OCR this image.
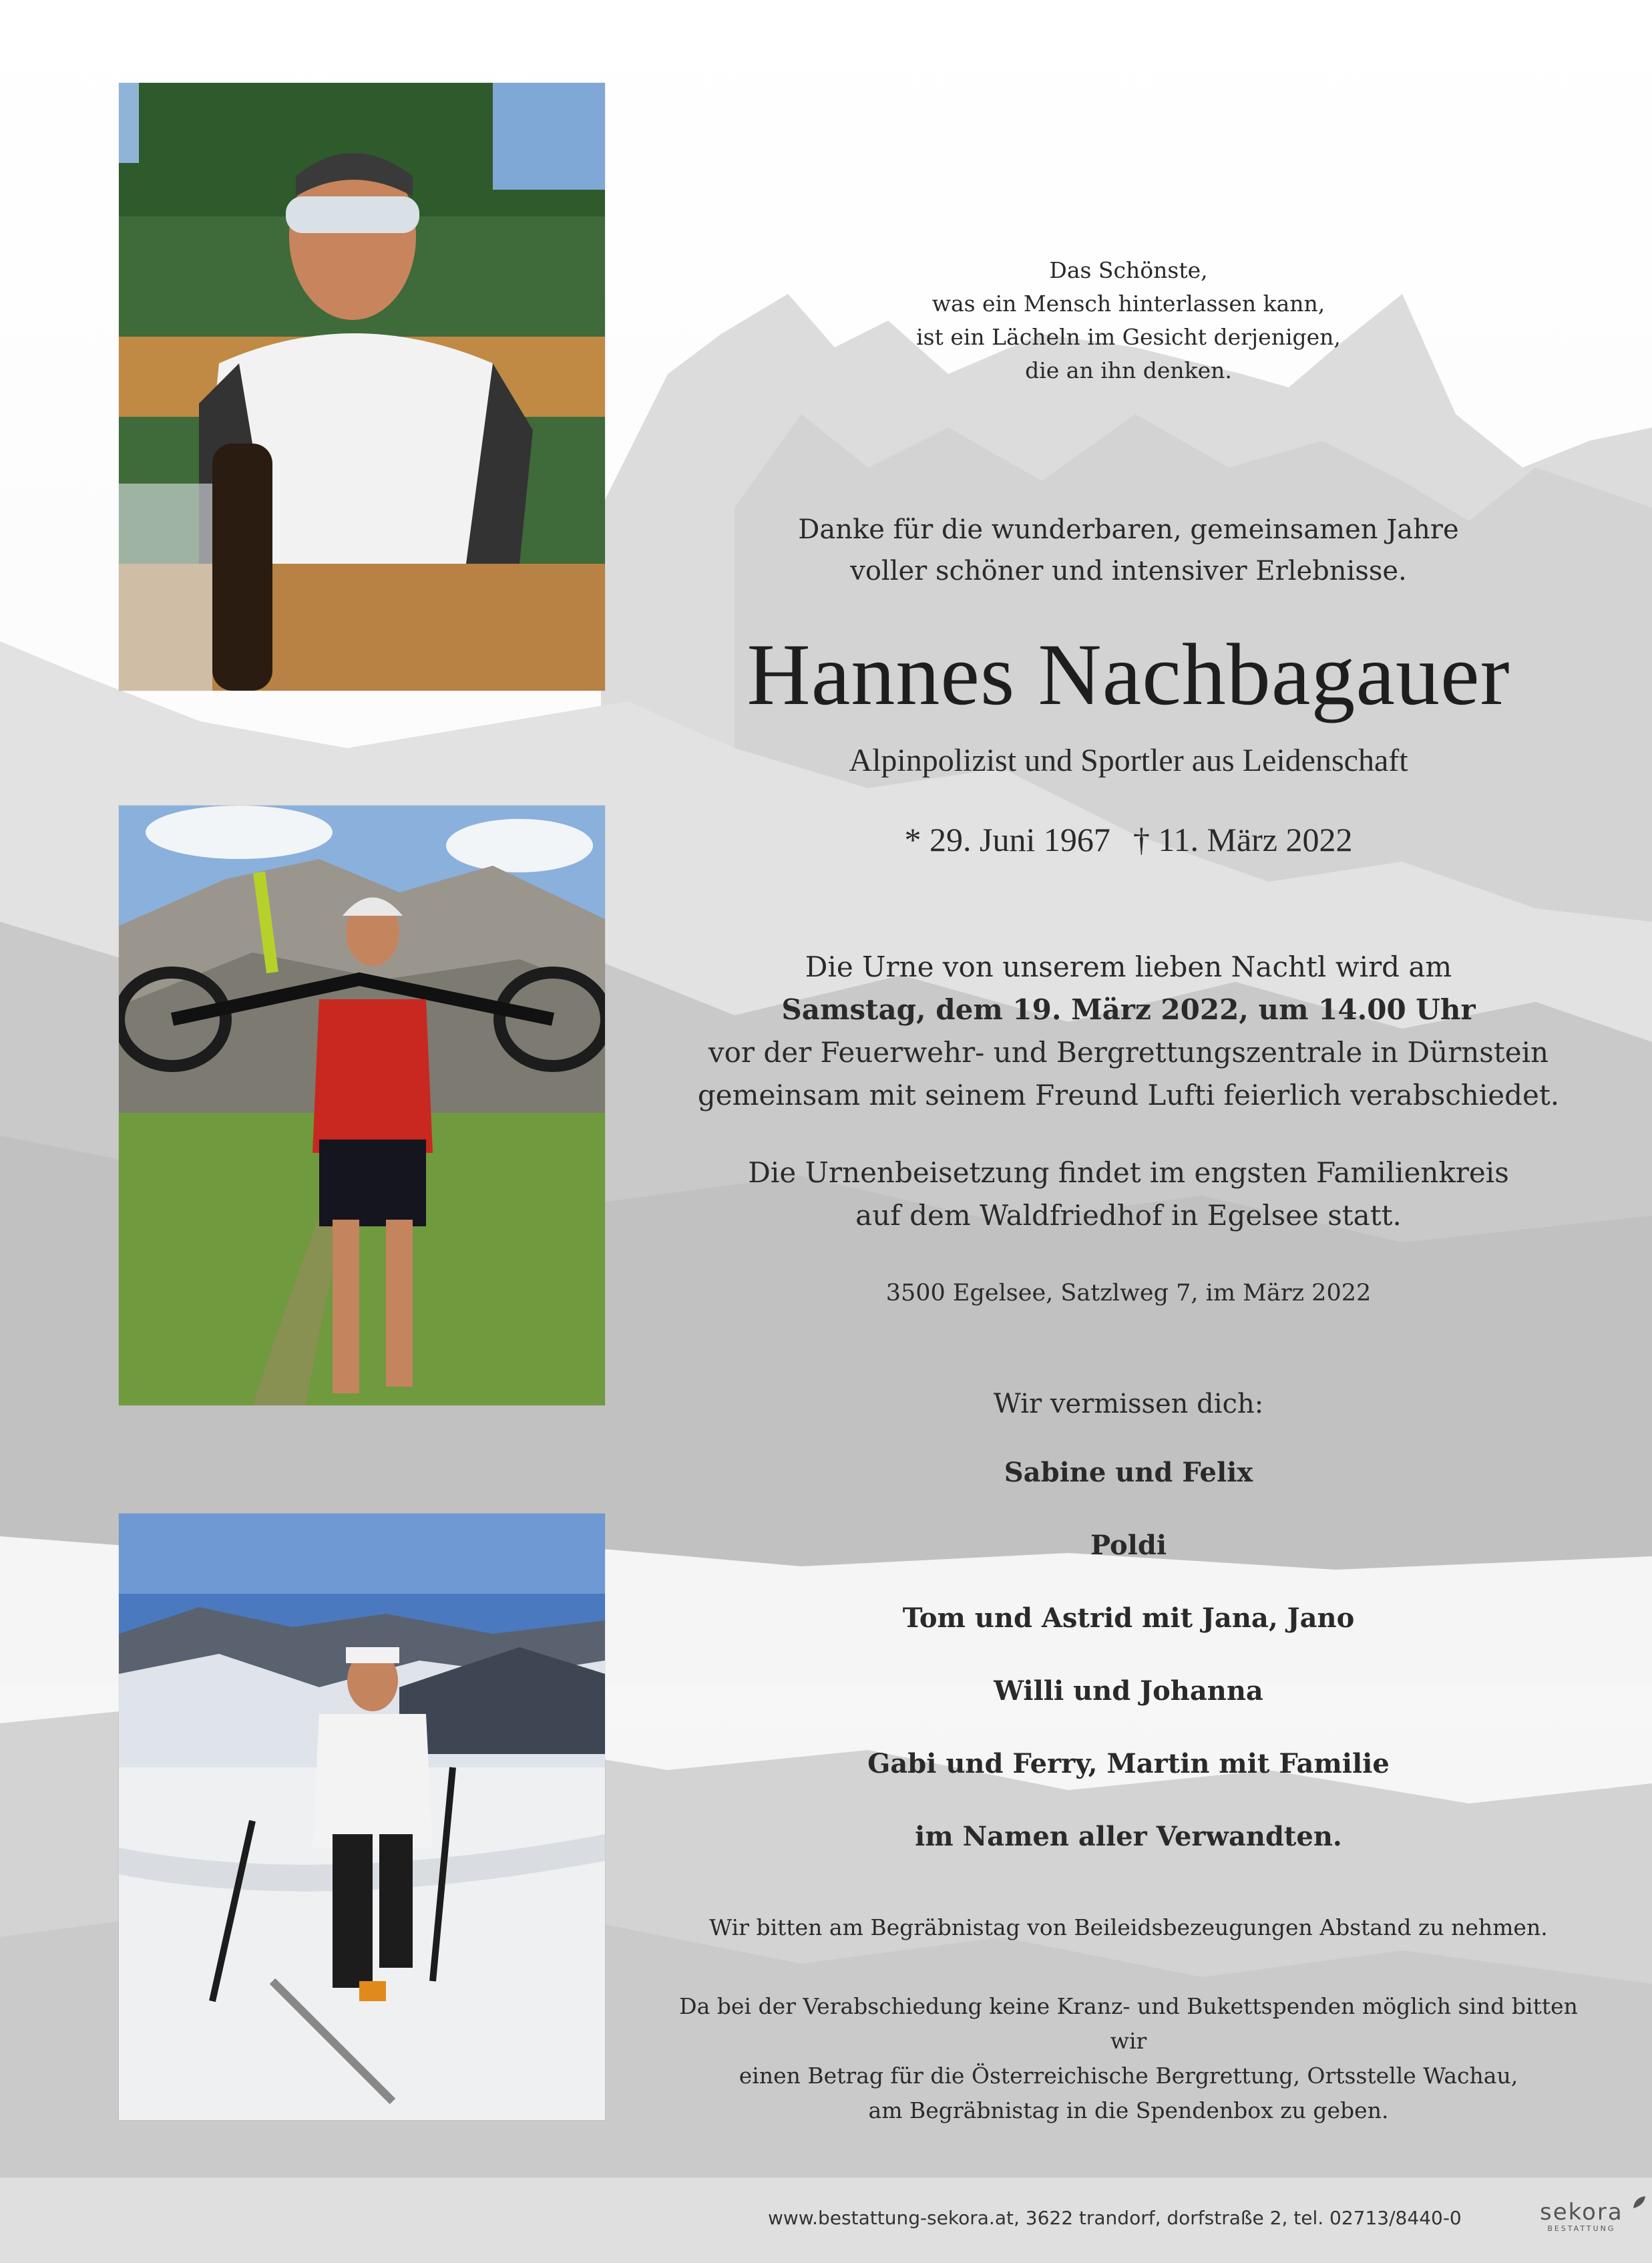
Das Schönste,
was ein Mensch hinterlassen kann,
ist ein Lächeln im Gesicht derjenigen,
die an ihn denken.
Danke für die wunderbaren, gemeinsamen Jahre
voller schöner und intensiver Erlebnisse.
Hannes Nachbagauer
Alpinpolizist und Sportler aus Leidenschaft
* 29. Juni 1967 † 11. März 2022
Die Urne von unserem lieben Nachtl wird am
Samstag, dem 19. März 2022, um 14.00 Uhr
vor der Feuerwehr- und Bergrettungszentrale in Dürnstein
gemeinsam mit seinem Freund Lufti feierlich verabschiedet.
Die Urnenbeisetzung findet im engsten Familienkreis
auf dem Waldfriedhof in Egelsee statt.
3500 Egelsee, Satzlweg 7, im März 2022
Wir vermissen dich:
Sabine und Felix
Poldi
Tom und Astrid mit Jana, Jano
Willi und Johanna
Gabi und Ferry, Martin mit Familie
im Namen aller Verwandten.
Wir bitten am Begräbnistag von Beileidsbezeugungen Abstand zu nehmen.
Da bei der Verabschiedung keine Kranz- und Bukettspenden möglich sind bitten wir
einen Betrag für die Österreichische Bergrettung, Ortsstelle Wachau,
am Begräbnistag in die Spendenbox zu geben.
www.bestattung-sekora.at, 3622 trandorf, dorfstraße 2, tel. 02713/8440-0	sekora
BESTATTUNG
